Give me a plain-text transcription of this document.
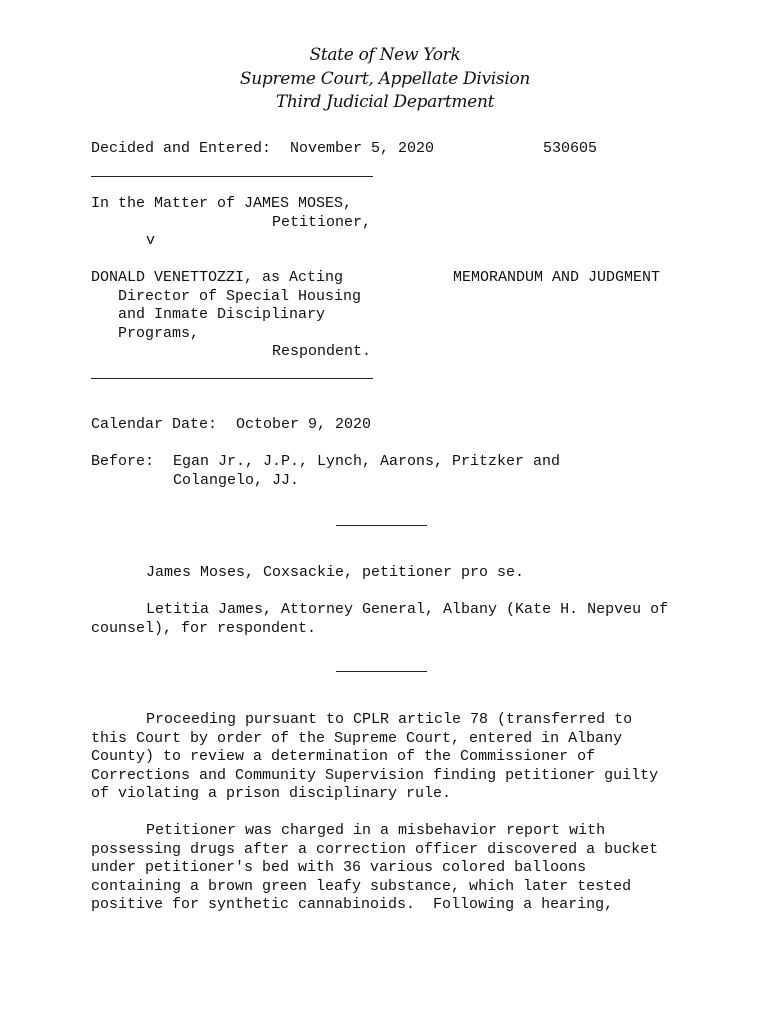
State of New York
Supreme Court, Appellate Division
Third Judicial Department
Decided and Entered: November 5, 2020	530605
In the Matter of JAMES MOSES,
Petitioner,
v
DONALD VENETTOZZI, as Acting	MEMORANDUM AND JUDGMENT
Director of Special Housing
and Inmate Disciplinary
Programs,
Respondent.
Calendar Date: October 9, 2020
Before: Egan Jr., J.P., Lynch, Aarons, Pritzker and
Colangelo, JJ.
James Moses, Coxsackie, petitioner pro se.
Letitia James, Attorney General, Albany (Kate H. Nepveu of
counsel), for respondent.
Proceeding pursuant to CPLR article 78 (transferred to
this Court by order of the Supreme Court, entered in Albany
County) to review a determination of the Commissioner of
Corrections and Community Supervision finding petitioner guilty
of violating a prison disciplinary rule.
Petitioner was charged in a misbehavior report with
possessing drugs after a correction officer discovered a bucket
under petitioner's bed with 36 various colored balloons
containing a brown green leafy substance, which later tested
positive for synthetic cannabinoids.  Following a hearing,
